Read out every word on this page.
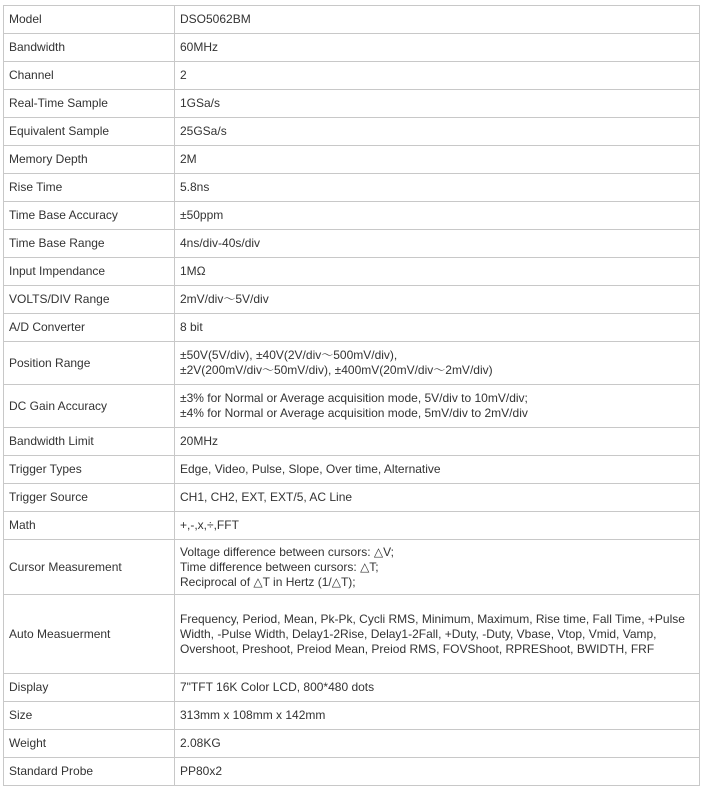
Model	DSO5062BM
Bandwidth	60MHz
Channel	2
Real-Time Sample	1GSa/s
Equivalent Sample	25GSa/s
Memory Depth	2M
Rise Time	5.8ns
Time Base Accuracy	±50ppm
Time Base Range	4ns/div-40s/div
Input Impendance	1MΩ
VOLTS/DIV Range	2mV/div～5V/div
A/D Converter	8 bit
Position Range	±50V(5V/div), ±40V(2V/div～500mV/div),
±2V(200mV/div～50mV/div), ±400mV(20mV/div～2mV/div)
DC Gain Accuracy	±3% for Normal or Average acquisition mode, 5V/div to 10mV/div;
±4% for Normal or Average acquisition mode, 5mV/div to 2mV/div
Bandwidth Limit	20MHz
Trigger Types	Edge, Video, Pulse, Slope, Over time, Alternative
Trigger Source	CH1, CH2, EXT, EXT/5, AC Line
Math	+,-,x,÷,FFT
Cursor Measurement	Voltage difference between cursors: △V;
Time difference between cursors: △T;
Reciprocal of △T in Hertz (1/△T);
Auto Measuerment	Frequency, Period, Mean, Pk-Pk, Cycli RMS, Minimum, Maximum, Rise time, Fall Time, +Pulse
Width, -Pulse Width, Delay1-2Rise, Delay1-2Fall, +Duty, -Duty, Vbase, Vtop, Vmid, Vamp,
Overshoot, Preshoot, Preiod Mean, Preiod RMS, FOVShoot, RPREShoot, BWIDTH, FRF
Display	7"TFT 16K Color LCD, 800*480 dots
Size	313mm x 108mm x 142mm
Weight	2.08KG
Standard Probe	PP80x2
